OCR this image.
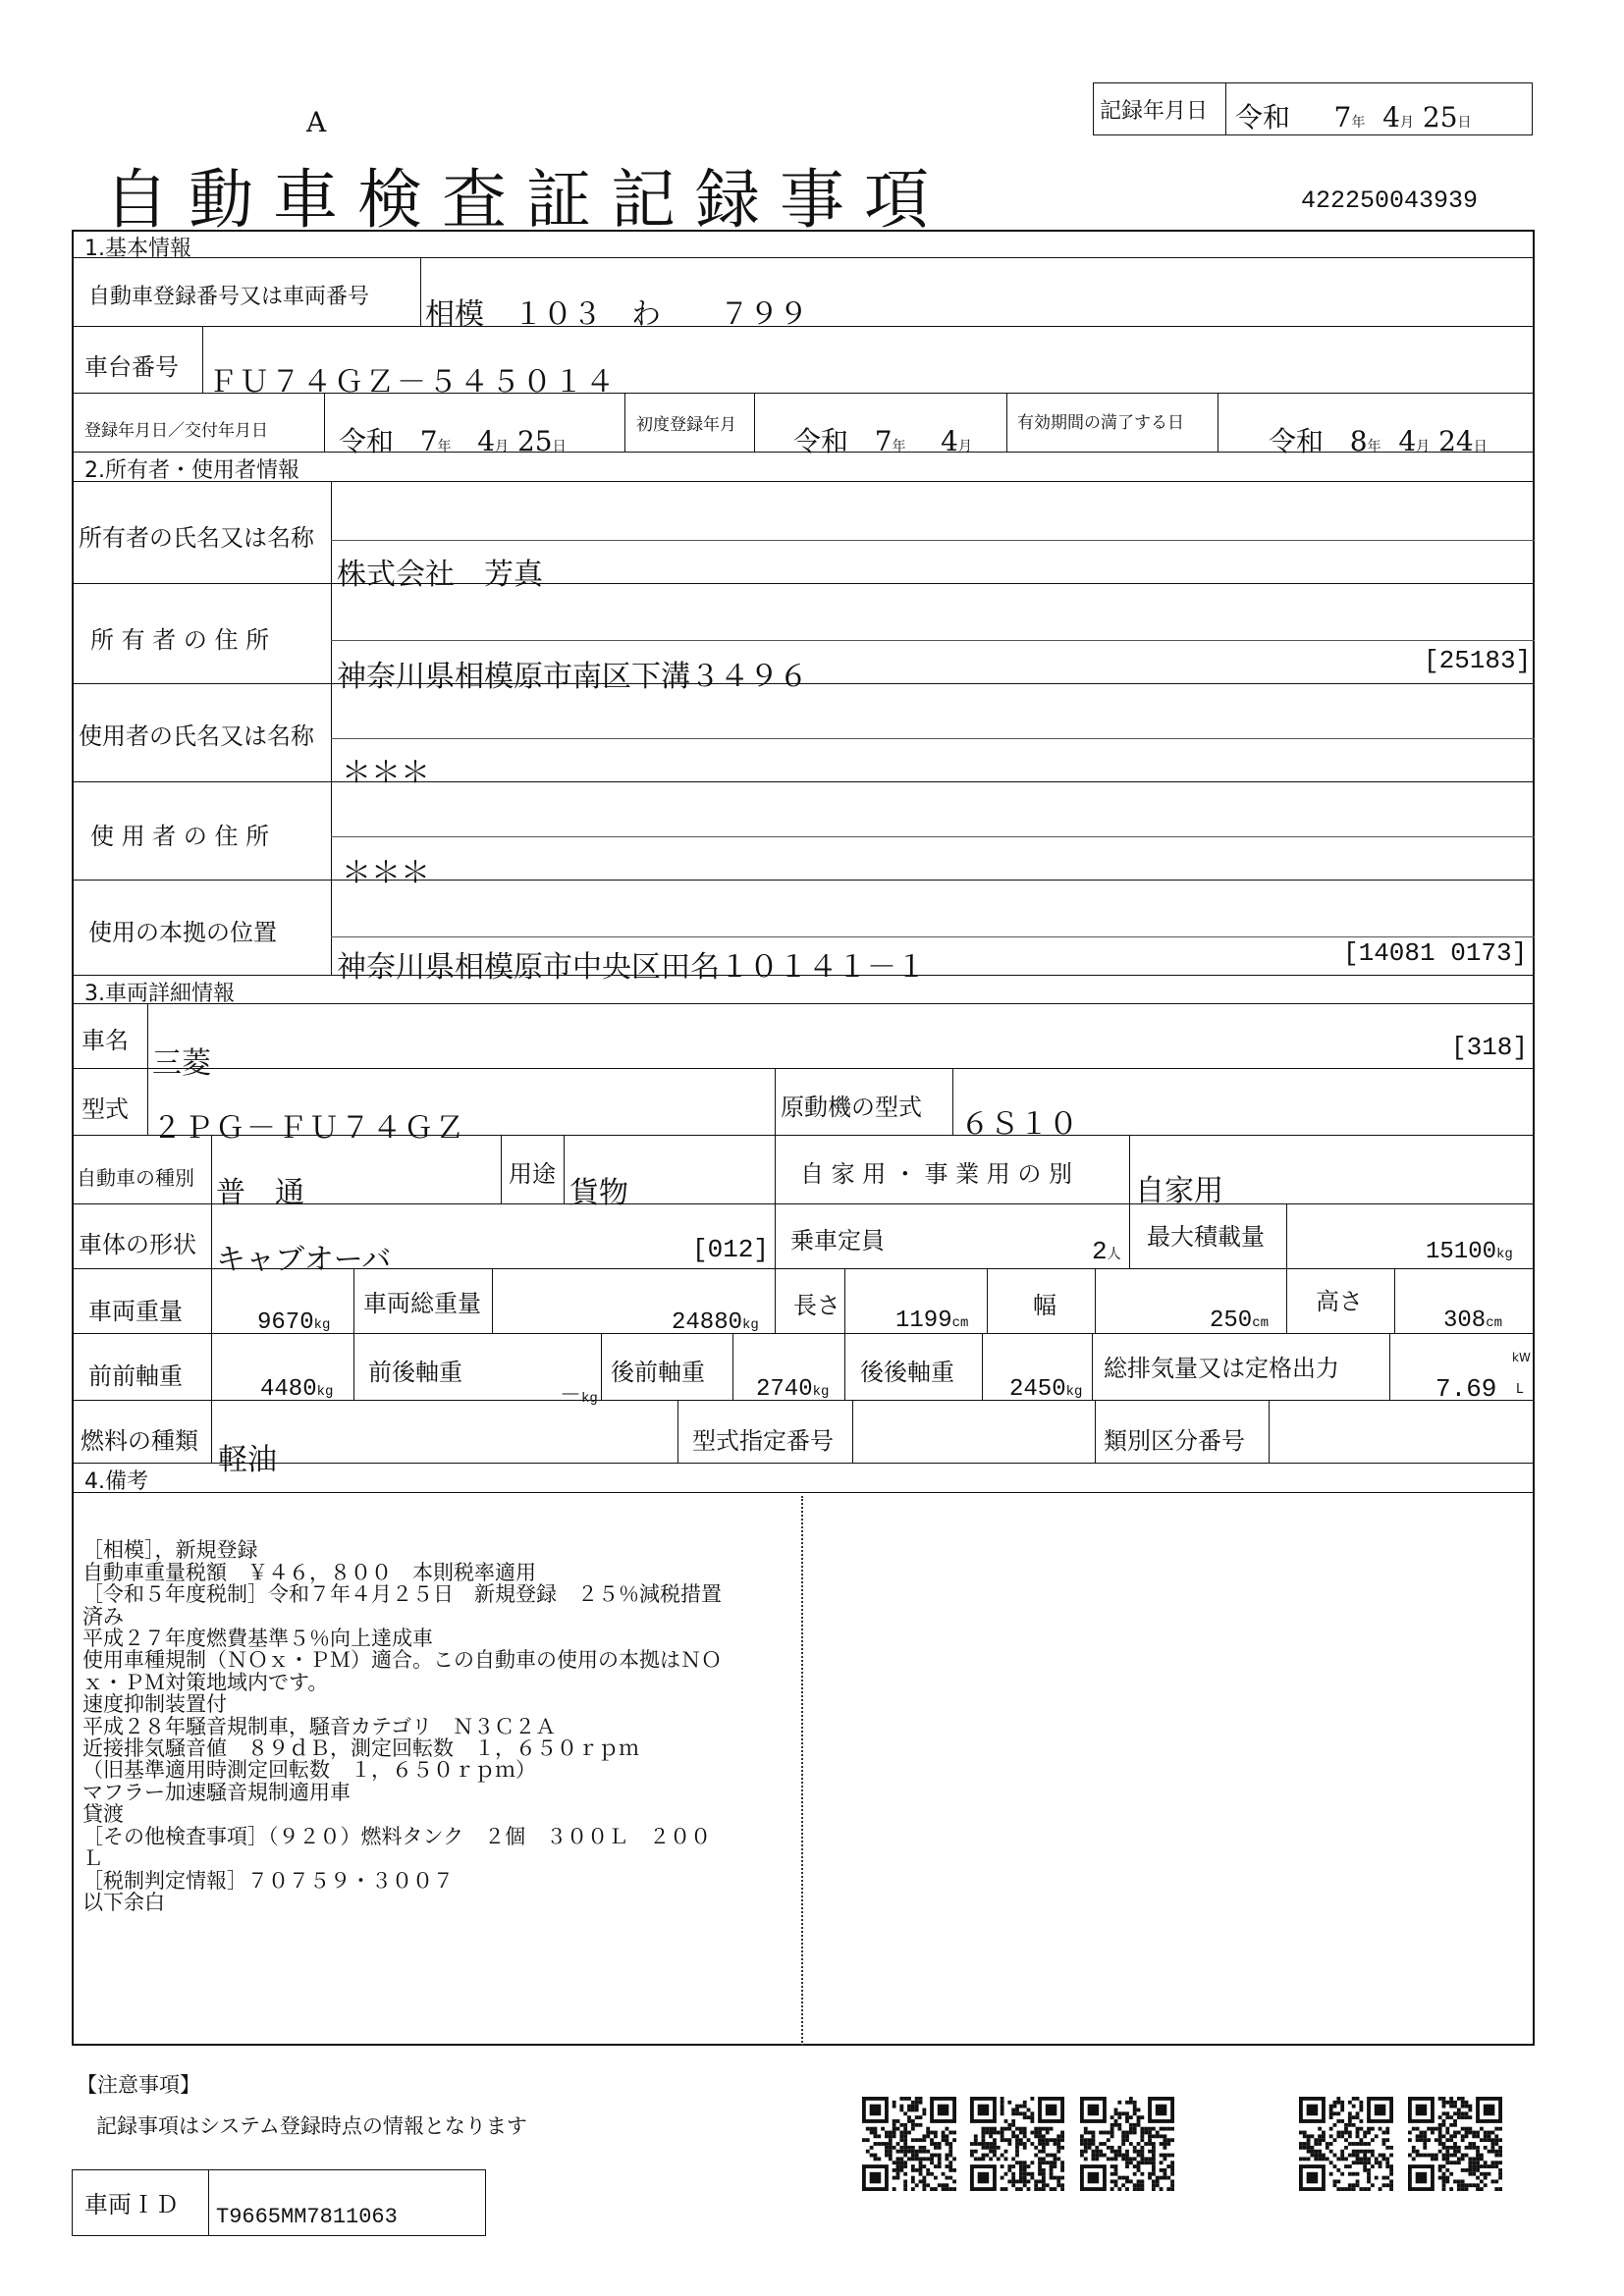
A	記録年月日 令和 7年 4月 25日
自動車検査証記録事項	422250043939
1.基本情報
自動車登録番号又は車両番号
相模　１０３　わ　　７９９
車台番号 ＦＵ７４ＧＺ－５４５０１４
登録年月日／交付年月日	令和 7年 4月 25日
初度登録年月 令和 7年 4月
有効期間の満了する日
令和 8年 4月 24日
2.所有者・使用者情報
所有者の氏名又は名称
株式会社　芳真
所 有 者 の 住 所
神奈川県相模原市南区下溝３４９６	[25183]
使用者の氏名又は名称
＊＊＊
使 用 者 の 住 所
＊＊＊
使用の本拠の位置
神奈川県相模原市中央区田名１０１４１－１	[14081 0173]
3.車両詳細情報
車名
三菱	[318]
型式
２ＰＧ－ＦＵ７４ＧＺ
原動機の型式 ６Ｓ１０
自動車の種別 普　通
用途
貨物
自 家 用 ・ 事 業 用 の 別 自家用
車体の形状 キャブオーバ	[012] 乗車定員	2人
最大積載量
15100kg
車両重量	9670kg
車両総重量
24880kg
長さ
1199cm
幅
250cm
高さ
308cm
前前軸重	4480kg
前後軸重
－kg
後前軸重
2740kg
後後軸重
2450kg
総排気量又は定格出力
7.69
kW
L
燃料の種類
軽油
型式指定番号	類別区分番号
4.備考

［相模］，新規登録
自動車重量税額　￥４６，８００　本則税率適用
［令和５年度税制］令和７年４月２５日　新規登録　２５％減税措置
済み
平成２７年度燃費基準５％向上達成車
使用車種規制（ＮＯｘ・ＰＭ）適合。この自動車の使用の本拠はＮＯ
ｘ・ＰＭ対策地域内です。
速度抑制装置付
平成２８年騒音規制車，騒音カテゴリ　Ｎ３Ｃ２Ａ
近接排気騒音値　８９ｄＢ，測定回転数　１，６５０ｒｐｍ
（旧基準適用時測定回転数　１，６５０ｒｐｍ）
マフラー加速騒音規制適用車
貸渡
［その他検査事項］（９２０）燃料タンク　２個　３００Ｌ　２００
Ｌ
［税制判定情報］７０７５９・３００７
以下余白

【注意事項】
記録事項はシステム登録時点の情報となります
車両ＩＤ T9665MM7811063
